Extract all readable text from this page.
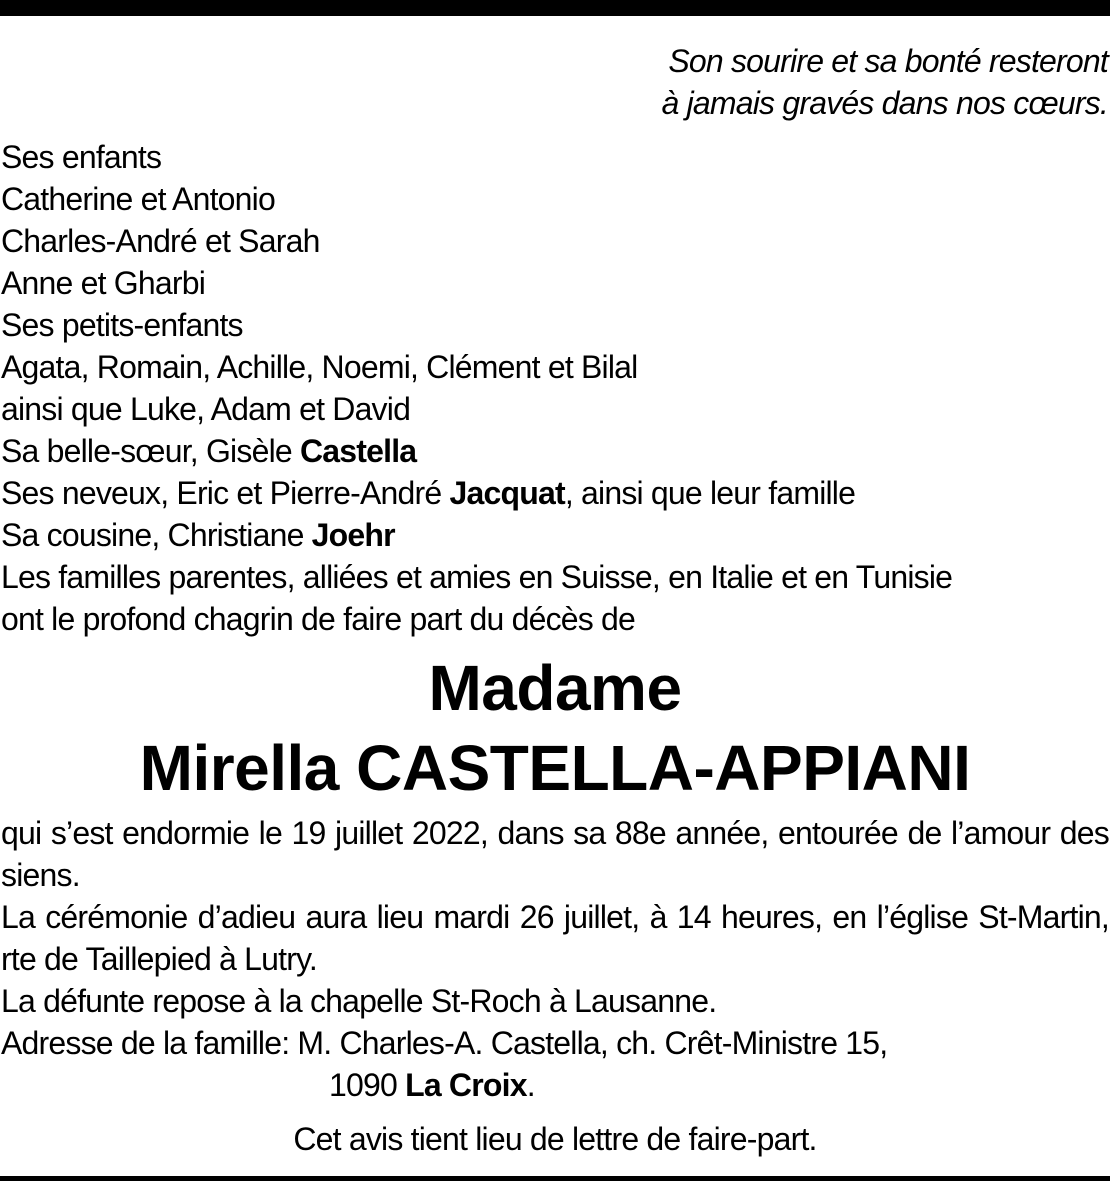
Son sourire et sa bonté resteront
à jamais gravés dans nos cœurs.
Ses enfants
Catherine et Antonio
Charles-André et Sarah
Anne et Gharbi
Ses petits-enfants
Agata, Romain, Achille, Noemi, Clément et Bilal
ainsi que Luke, Adam et David
Sa belle-sœur, Gisèle Castella
Ses neveux, Eric et Pierre-André Jacquat, ainsi que leur famille
Sa cousine, Christiane Joehr
Les familles parentes, alliées et amies en Suisse, en Italie et en Tunisie
ont le profond chagrin de faire part du décès de
Madame
Mirella CASTELLA-APPIANI
qui s’est endormie le 19 juillet 2022, dans sa 88e année, entourée de l’amour des siens.
La cérémonie d’adieu aura lieu mardi 26 juillet, à 14 heures, en l’église St-Martin, rte de Taillepied à Lutry.
La défunte repose à la chapelle St-Roch à Lausanne.
Adresse de la famille: M. Charles-A. Castella, ch. Crêt-Ministre 15,
1090 La Croix.
Cet avis tient lieu de lettre de faire-part.
